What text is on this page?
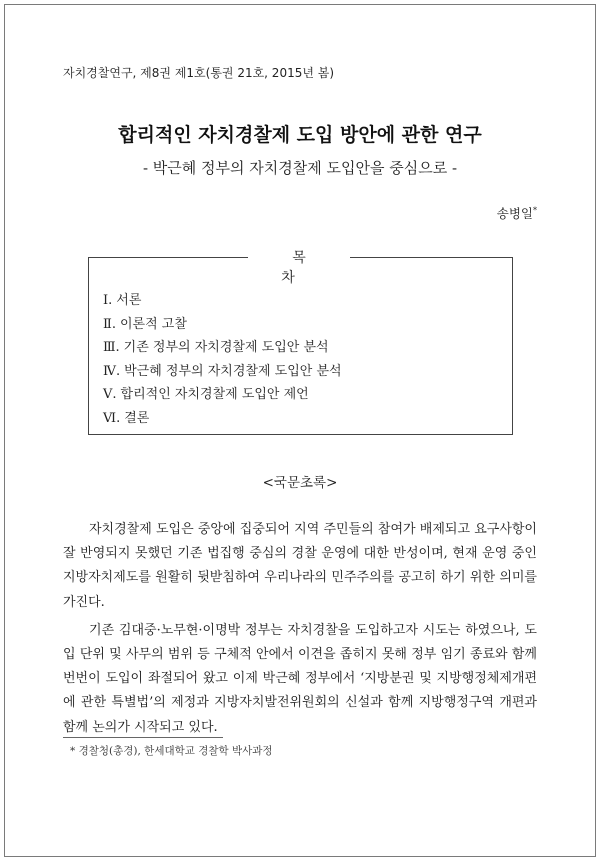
자치경찰연구, 제8권 제1호(통권 21호, 2015년 봄)
합리적인 자치경찰제 도입 방안에 관한 연구
- 박근혜 정부의 자치경찰제 도입안을 중심으로 -
송병일*
목 차
Ⅰ. 서론
Ⅱ. 이론적 고찰
Ⅲ. 기존 정부의 자치경찰제 도입안 분석
Ⅳ. 박근혜 정부의 자치경찰제 도입안 분석
Ⅴ. 합리적인 자치경찰제 도입안 제언
Ⅵ. 결론
<국문초록>

자치경찰제 도입은 중앙에 집중되어 지역 주민들의 참여가 배제되고 요구사항이 잘 반영되지 못했던 기존 법집행 중심의 경찰 운영에 대한 반성이며, 현재 운영 중인 지방자치제도를 원활히 뒷받침하여 우리나라의 민주주의를 공고히 하기 위한 의미를 가진다.

기존 김대중·노무현·이명박 정부는 자치경찰을 도입하고자 시도는 하였으나, 도입 단위 및 사무의 범위 등 구체적 안에서 이견을 좁히지 못해 정부 임기 종료와 함께 번번이 도입이 좌절되어 왔고 이제 박근혜 정부에서 ‘지방분권 및 지방행정체제개편에 관한 특별법’의 제정과 지방자치발전위원회의 신설과 함께 지방행정구역 개편과 함께 논의가 시작되고 있다.

* 경찰청(총경), 한세대학교 경찰학 박사과정
